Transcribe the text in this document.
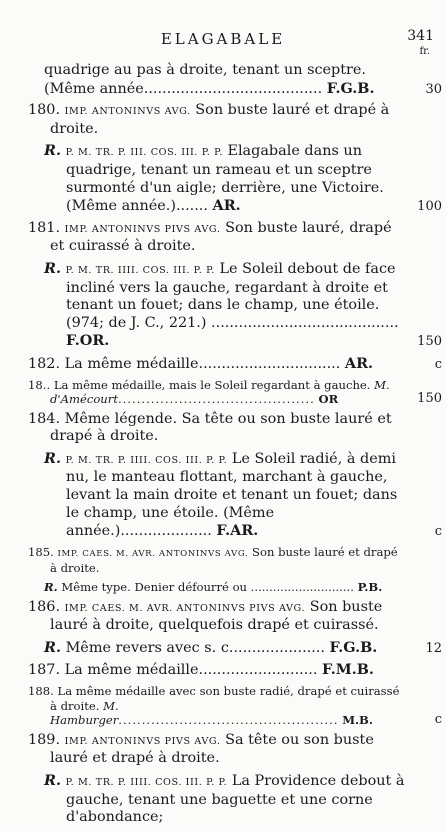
ELAGABALE	341
fr.
quadrige au pas à droite, tenant un sceptre. (Même année....................................... F.G.B.	30
180. IMP. ANTONINVS AVG. Son buste lauré et drapé à droite.
R. P. M. TR. P. III. COS. III. P. P. Elagabale dans un quadrige, tenant un rameau et un sceptre surmonté d'un aigle; derrière, une Victoire. (Même année.)....... AR.	100
181. IMP. ANTONINVS PIVS AVG. Son buste lauré, drapé et cuirassé à droite.
R. P. M. TR. IIII. COS. III. P. P. Le Soleil debout de face incliné vers la gauche, regardant à droite et tenant un fouet; dans le champ, une étoile. (974; de J. C., 221.) ......................................... F.OR.	150
182. La même médaille............................... AR.	c
18.. La même médaille, mais le Soleil regardant à gauche. M. d'Amécourt.......................................... OR	150
184. Même légende. Sa tête ou son buste lauré et drapé à droite.
R. P. M. TR. P. IIII. COS. III. P. P. Le Soleil radié, à demi nu, le manteau flottant, marchant à gauche, levant la main droite et tenant un fouet; dans le champ, une étoile. (Même année.).................... F.AR.	c
185. IMP. CAES. M. AVR. ANTONINVS AVG. Son buste lauré et drapé à droite.
R. Même type. Denier défourré ou ............................ P.B.
186. IMP. CAES. M. AVR. ANTONINVS PIVS AVG. Son buste lauré à droite, quelquefois drapé et cuirassé.
R. Même revers avec s. c..................... F.G.B.	12
187. La même médaille.......................... F.M.B.
188. La même médaille avec son buste radié, drapé et cuirassé à droite. M. Hamburger............................................... M.B.	c
189. IMP. ANTONINVS PIVS AVG. Sa tête ou son buste lauré et drapé à droite.
R. P. M. TR. P. IIII. COS. III. P. P. La Providence debout à gauche, tenant une baguette et une corne d'abondance;
